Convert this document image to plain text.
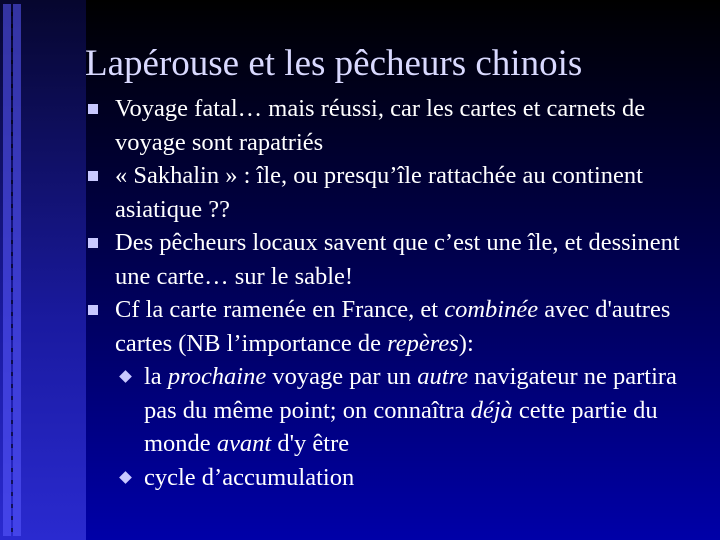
Lapérouse et les pêcheurs chinois
Voyage fatal… mais réussi, car les cartes et carnets de voyage sont rapatriés
« Sakhalin » : île, ou presqu’île rattachée au continent asiatique ??
Des pêcheurs locaux savent que c’est une île, et dessinent une carte… sur le sable!
Cf la carte ramenée en France, et combinée avec d'autres cartes (NB l’importance de repères):
la prochaine voyage par un autre navigateur ne partira pas du même point; on connaîtra déjà cette partie du monde avant d'y être
cycle d’accumulation
